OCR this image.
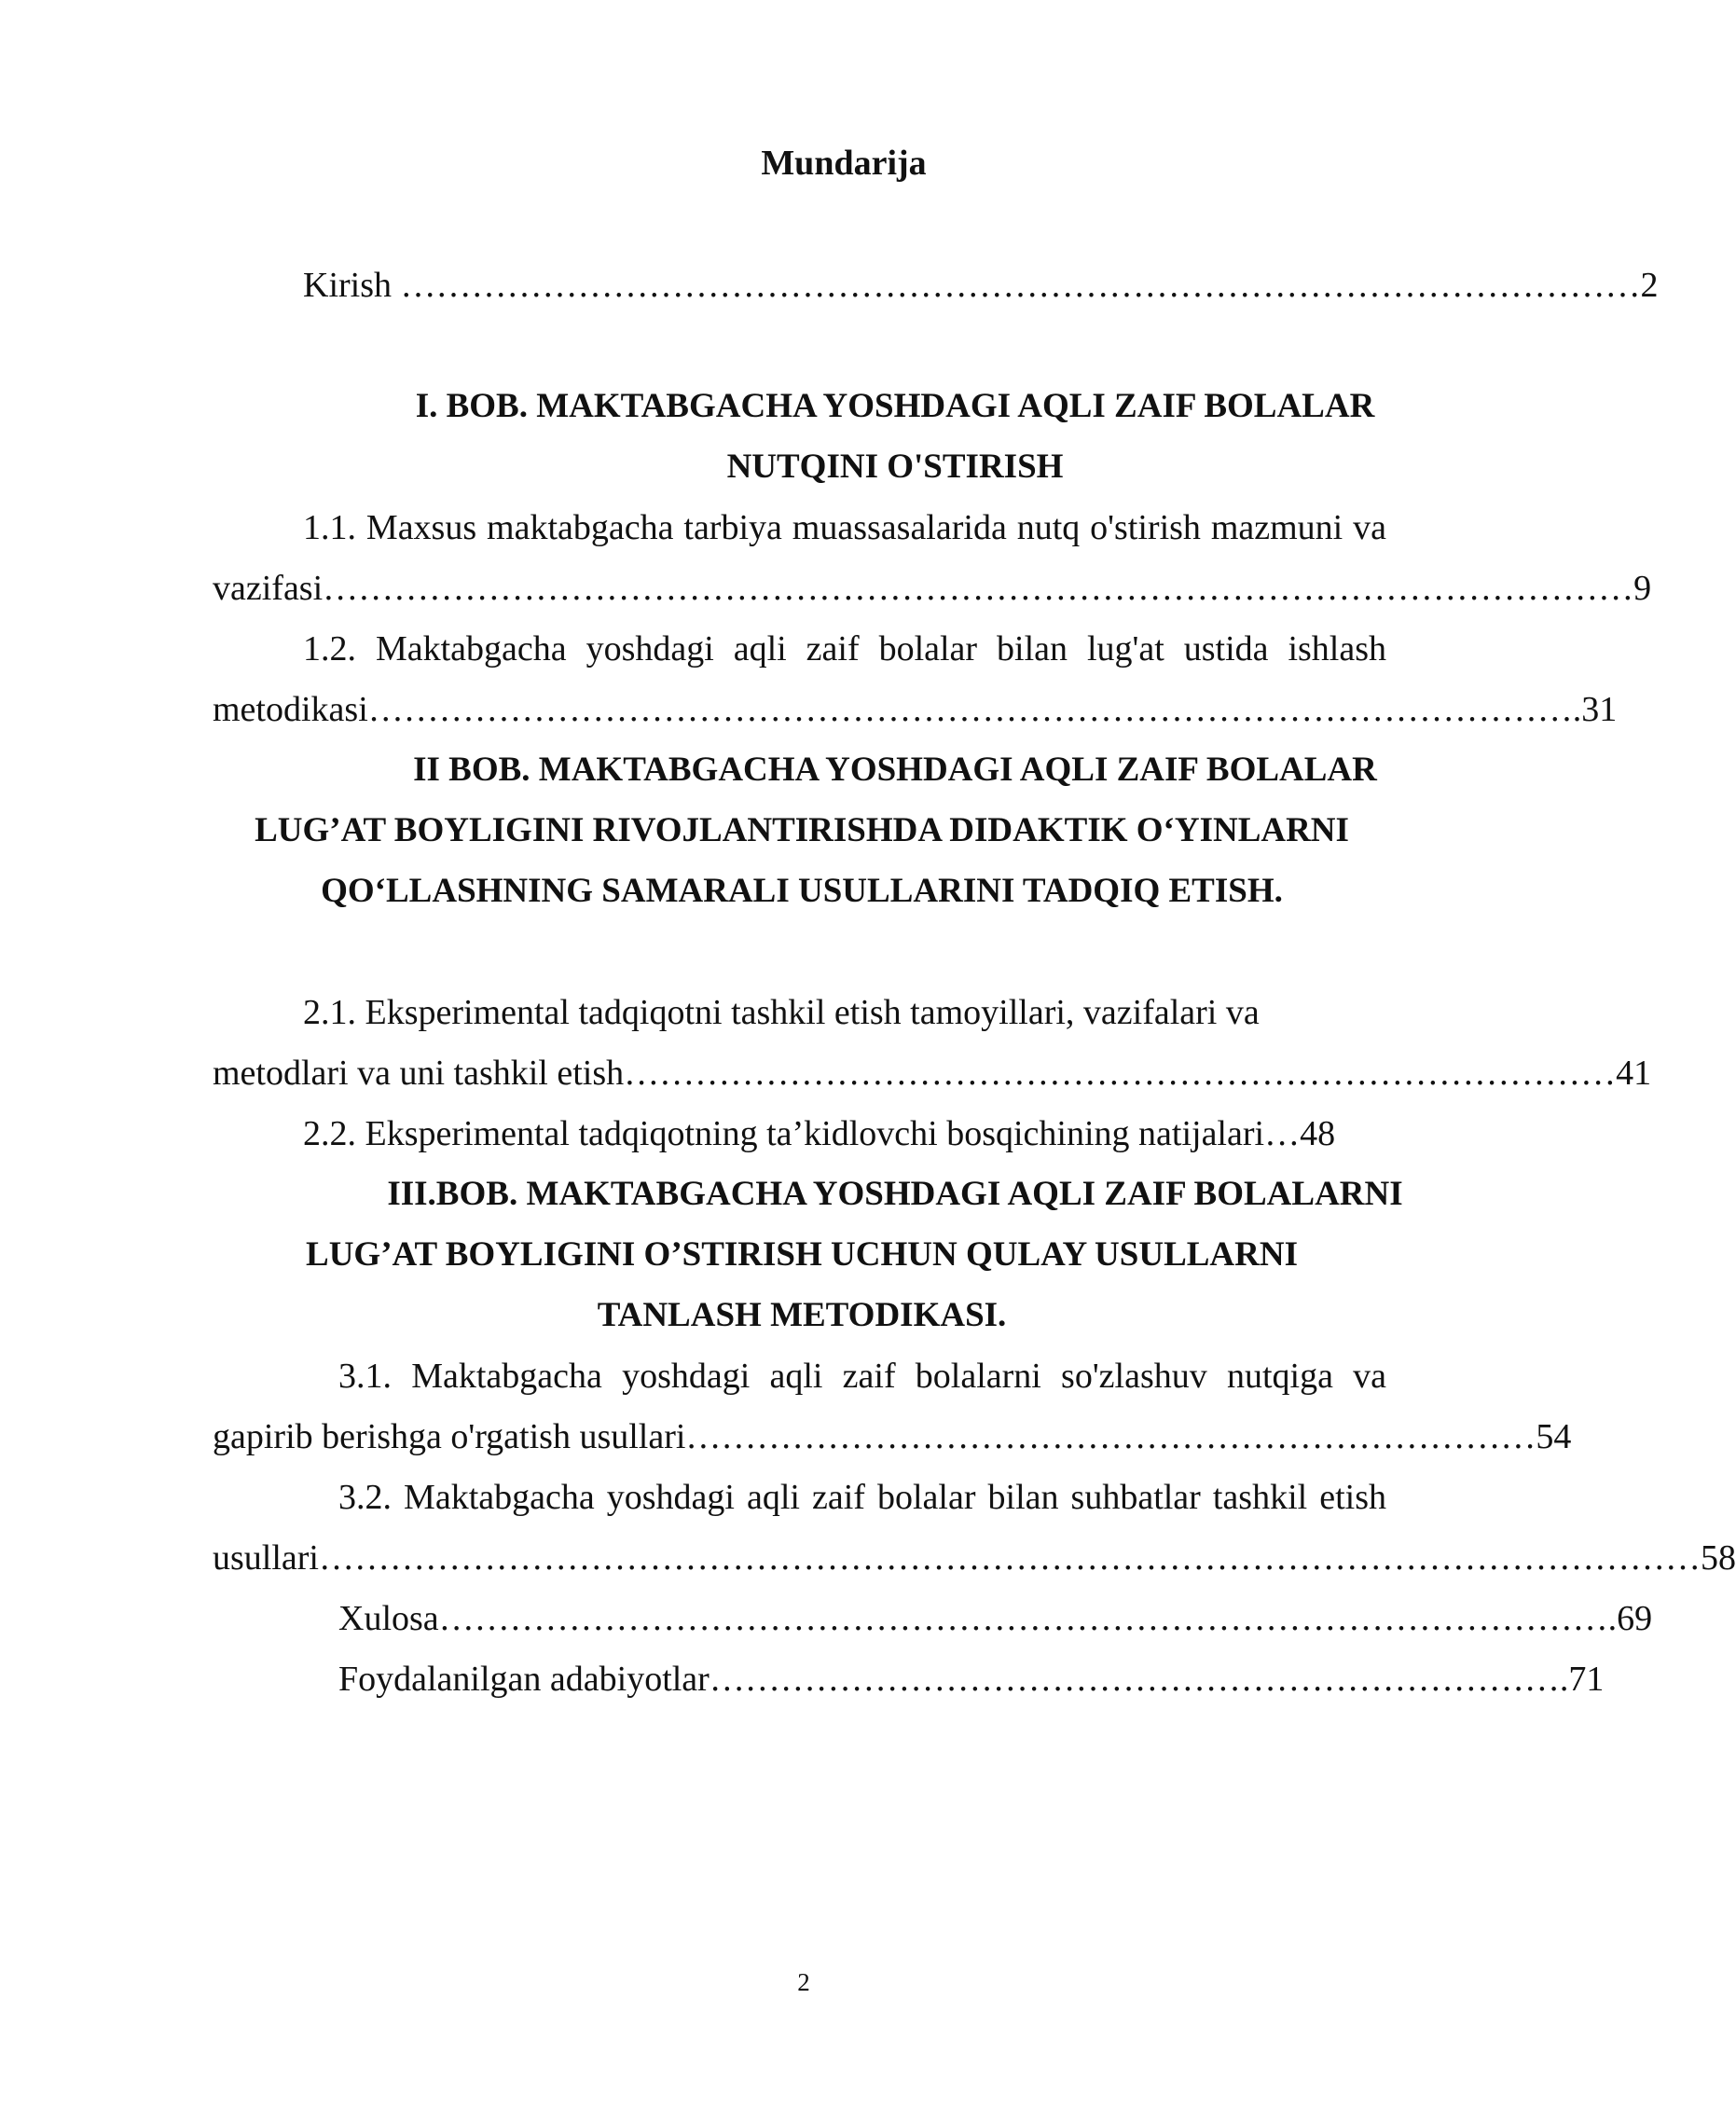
Mundarija
Kirish ……………………………………………………………………………………………2
I. BOB. MAKTABGACHA YOSHDAGI AQLI ZAIF BOLALAR
NUTQINI O'STIRISH
1.1. Maxsus maktabgacha tarbiya muassasalarida nutq o'stirish mazmuni va
vazifasi…………………………………………………………………………………………………9
1.2. Maktabgacha yoshdagi aqli zaif bolalar bilan lug'at ustida ishlash
metodikasi………………………………………………………………………………………….31
II BOB. MAKTABGACHA YOSHDAGI AQLI ZAIF BOLALAR
LUG’AT BOYLIGINI RIVOJLANTIRISHDA DIDAKTIK O‘YINLARNI
QO‘LLASHNING SAMARALI USULLARINI TADQIQ ETISH.
2.1. Eksperimental tadqiqotni tashkil etish tamoyillari, vazifalari va
metodlari va uni tashkil etish…………………………………………………………………………41
2.2. Eksperimental tadqiqotning ta’kidlovchi bosqichining natijalari…48
III.BOB. MAKTABGACHA YOSHDAGI AQLI ZAIF BOLALARNI
LUG’AT BOYLIGINI O’STIRISH UCHUN QULAY USULLARNI
TANLASH METODIKASI.
3.1. Maktabgacha yoshdagi aqli zaif bolalarni so'zlashuv nutqiga va
gapirib berishga o'rgatish usullari………………………………………………………………54
3.2. Maktabgacha yoshdagi aqli zaif bolalar bilan suhbatlar tashkil etish
usullari………………………………………………………………………………………………………58
Xulosa……………………………………………………………………………………….69
Foydalanilgan adabiyotlar……………………………………………………………….71
2
